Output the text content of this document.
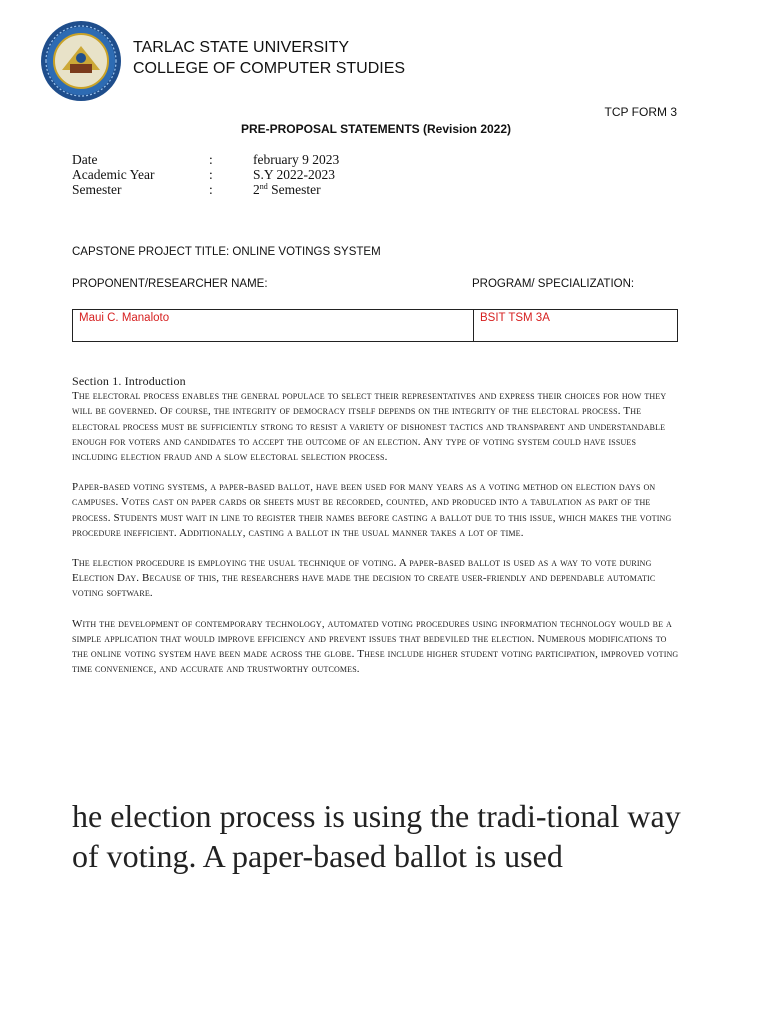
TARLAC STATE UNIVERSITY
COLLEGE OF COMPUTER STUDIES
TCP FORM 3
PRE-PROPOSAL STATEMENTS (Revision 2022)
Date	:	february 9 2023
Academic Year	:	S.Y 2022-2023
Semester	:	2nd Semester
CAPSTONE PROJECT TITLE: ONLINE VOTINGS SYSTEM
PROPONENT/RESEARCHER NAME:	PROGRAM/ SPECIALIZATION:
Maui C. Manaloto	BSIT TSM 3A

Section 1. Introduction

The electoral process enables the general populace to select their representatives and express their choices for how they will be governed. Of course, the integrity of democracy itself depends on the integrity of the electoral process. The electoral process must be sufficiently strong to resist a variety of dishonest tactics and transparent and understandable enough for voters and candidates to accept the outcome of an election. Any type of voting system could have issues including election fraud and a slow electoral selection process.

Paper-based voting systems, a paper-based ballot, have been used for many years as a voting method on election days on campuses. Votes cast on paper cards or sheets must be recorded, counted, and produced into a tabulation as part of the process. Students must wait in line to register their names before casting a ballot due to this issue, which makes the voting procedure inefficient. Additionally, casting a ballot in the usual manner takes a lot of time.

The election procedure is employing the usual technique of voting. A paper-based ballot is used as a way to vote during Election Day. Because of this, the researchers have made the decision to create user-friendly and dependable automatic voting software.

With the development of contemporary technology, automated voting procedures using information technology would be a simple application that would improve efficiency and prevent issues that bedeviled the election. Numerous modifications to the online voting system have been made across the globe. These include higher student voting participation, improved voting time convenience, and accurate and trustworthy outcomes.

he election process is using the tradi-tional way of voting. A paper-based ballot is used
